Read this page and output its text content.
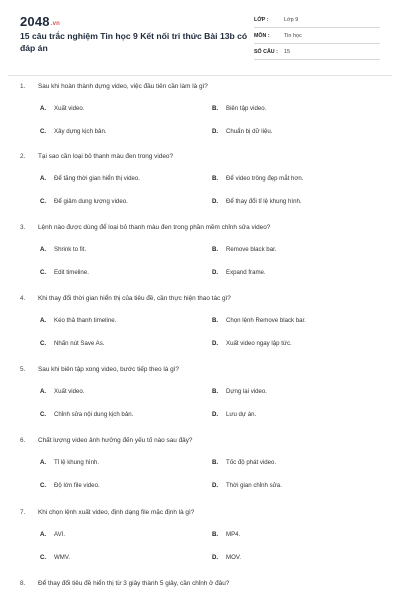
2048.vn
15 câu trắc nghiệm Tin học 9 Kết nối tri thức Bài 13b có đáp án
LỚP :	Lớp 9
MÔN :	Tin học
SỐ CÂU :	15
1. Sau khi hoàn thành dựng video, việc đầu tiên cần làm là gì?
A. Xuất video.	B. Biên tập video.
C. Xây dựng kịch bản.	D. Chuẩn bị dữ liệu.
2. Tại sao cần loại bỏ thanh màu đen trong video?
A. Để tăng thời gian hiển thị video.	B. Để video trông đẹp mắt hơn.
C. Để giảm dung lượng video.	D. Để thay đổi tỉ lệ khung hình.
3. Lệnh nào được dùng để loại bỏ thanh màu đen trong phần mềm chỉnh sửa video?
A. Shrink to fit.	B. Remove black bar.
C. Edit timeline.	D. Expand frame.
4. Khi thay đổi thời gian hiển thị của tiêu đề, cần thực hiện thao tác gì?
A. Kéo thả thanh timeline.	B. Chọn lệnh Remove black bar.
C. Nhấn nút Save As.	D. Xuất video ngay lập tức.
5. Sau khi biên tập xong video, bước tiếp theo là gì?
A. Xuất video.	B. Dựng lại video.
C. Chỉnh sửa nội dung kịch bản.	D. Lưu dự án.
6. Chất lượng video ảnh hưởng đến yếu tố nào sau đây?
A. Tỉ lệ khung hình.	B. Tốc độ phát video.
C. Độ lớn file video.	D. Thời gian chỉnh sửa.
7. Khi chọn lệnh xuất video, định dạng file mặc định là gì?
A. AVI.	B. MP4.
C. WMV.	D. MOV.
8. Để thay đổi tiêu đề hiển thị từ 3 giây thành 5 giây, cần chỉnh ở đâu?
